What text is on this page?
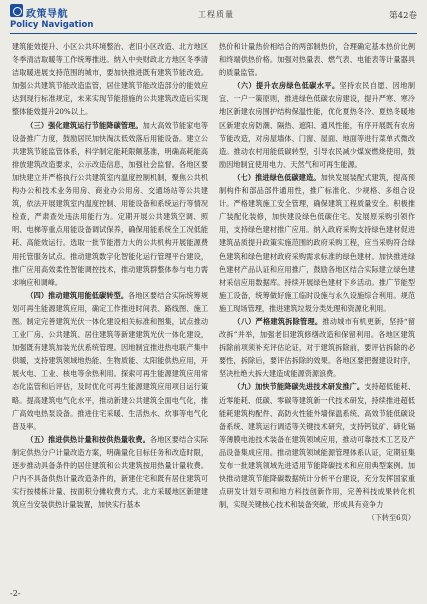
政策导航
Policy Navigation
工程质量	第42卷

建筑能效提升、小区公共环境整治、老旧小区改造、北方地区冬季清洁取暖等工作统筹推进。纳入中央财政北方地区冬季清洁取暖进展支持范围的城市，要加快推进既有建筑节能改造。加强公共建筑节能改造监管，居住建筑节能改造部分的能效应达到现行标准规定，未来实现节能措施的公共建筑改造后实现整体能效提升20%以上。

（三）强化建筑运行节能降碳管理。加大高效节能家电等设备推广力度，鼓励居民加快淘汰低效落后用能设备。建立公共建筑节能监管体系，科学制定能耗限额基准，明确高耗能高排放建筑改造要求，公示改造信息，加强社会监督。各地区要加快建立并严格执行公共建筑室内温度控制机制，聚焦公共机构办公和技术业务用房、商业办公用房、交通场站等公共建筑，依法开展建筑室内温度控制、用能设备和系统运行等情况检查，严肃查处违法用能行为。定期开展公共建筑空调、照明、电梯等重点用能设备调试保养，确保用能系统全工况低能耗、高能效运行。选取一批节能潜力大的公共机构开展能源费用托管服务试点。推动建筑数字化智能化运行管理平台建设，推广应用高效柔性智能调控技术，推动建筑群整体参与电力需求响应和调峰。

（四）推动建筑用能低碳转型。各地区要结合实际统筹规划可再生能源建筑应用，确定工作推进时间表、路线图、施工图。制定完善建筑光伏一体化建设相关标准和图集，试点推动工业厂房、公共建筑、居住建筑等新建建筑光伏一体化建设，加强既有建筑加装光伏系统管理。因地制宜推进热电联产集中供暖，支持建筑领域地热能、生物质能、太阳能供热应用，开展火电、工业、核电等余热利用。探索可再生能源建筑应用常态化监管和后评估，及时优化可再生能源建筑应用项目运行策略。提高建筑电气化水平，推动新建公共建筑全面电气化，推广高效电热泵设备。推进住宅采暖、生活热水、炊事等电气化普及率。

（五）推进供热计量和按供热量收费。各地区要结合实际制定供热分户计量改造方案，明确量化目标任务和改造时限，逐步推动具备条件的居住建筑和公共建筑按用热量计量收费。户内不具备供热计量改造条件的，新建住宅和既有居住建筑可实行按楼栋计量、按面积分摊收费方式。北方采暖地区新建建筑应当安装供热计量装置，加快实行基本

热价和计量热价相结合的两部制热价，合理确定基本热价比例和终端供热价格。加强对热量表、燃气表、电能表等计量器具的质量监管。

（六）提升农房绿色低碳水平。坚持农民自愿、因地制宜、一户一策原则，推进绿色低碳农房建设，提升严寒、寒冷地区新建农房围护结构保温性能，优化夏热冬冷、夏热冬暖地区新建农房防潮、隔热、遮阳、通风性能，有序开展既有农房节能改造，对房屋墙体、门窗、屋面、地面等进行菜单式微改造。推动农村用能低碳转型，引导农民减少煤炭燃烧使用，鼓励因地制宜使用电力、天然气和可再生能源。

（七）推进绿色低碳建造。加快发展装配式建筑，提高预制构件和部品部件通用性，推广标准化、少规格、多组合设计。严格建筑施工安全管理，确保建筑工程质量安全。积极推广装配化装修，加快建设绿色低碳住宅。发展原采购引领作用，支持绿色建材推广应用。纳入政府采购支持绿色建材促进建筑品质提升政策实施范围的政府采购工程，应当采购符合绿色建筑和绿色建材政府采购需求标准的绿色建材。加快推进绿色建材产品认证和应用推广，鼓励各地区结合实际建立绿色建材采信应用数据库。持续开展绿色建材下乡活动。推广节能型施工设备，统筹做好施工临时设施与永久设施综合利用。规范施工现场管理，推进建筑垃圾分类处理和资源化利用。

（八）严格建筑拆除管理。推动城市有机更新，坚持“留改拆”并举，加强老旧建筑修缮改造和保留利用。各地区建筑拆除前项须补充评估论证，对于建筑拆除前，要评估拆除的必要性，拆除后，要评估拆除的效果。各地区要把握建设时序，坚决杜绝大拆大建造成能源资源浪费。

（九）加快节能降碳先进技术研发推广。支持超低能耗、近零能耗、低碳、零碳等建筑新一代技术研发，持续推进超低能耗建筑构配件、高防火性能外墙保温系统、高效节能低碳设备系统、建筑运行调适等关键技术研究，支持钙钛矿、碲化镉等薄膜电池技术装备在建筑领域应用，推动可靠技术工艺及产品设备集成应用。推动建筑领域能源管理体系认证，定期征集发布一批建筑领域先进适用节能降碳技术和应用典型案例。加快推动建筑节能降碳数据统计分析平台建设，充分发挥国家重点研发计划专项和地方科技创新作用，完善科技成果转化机制，实现关键核心技术和装备突破，形成具有竞争力

（下转至6页）
-2-
